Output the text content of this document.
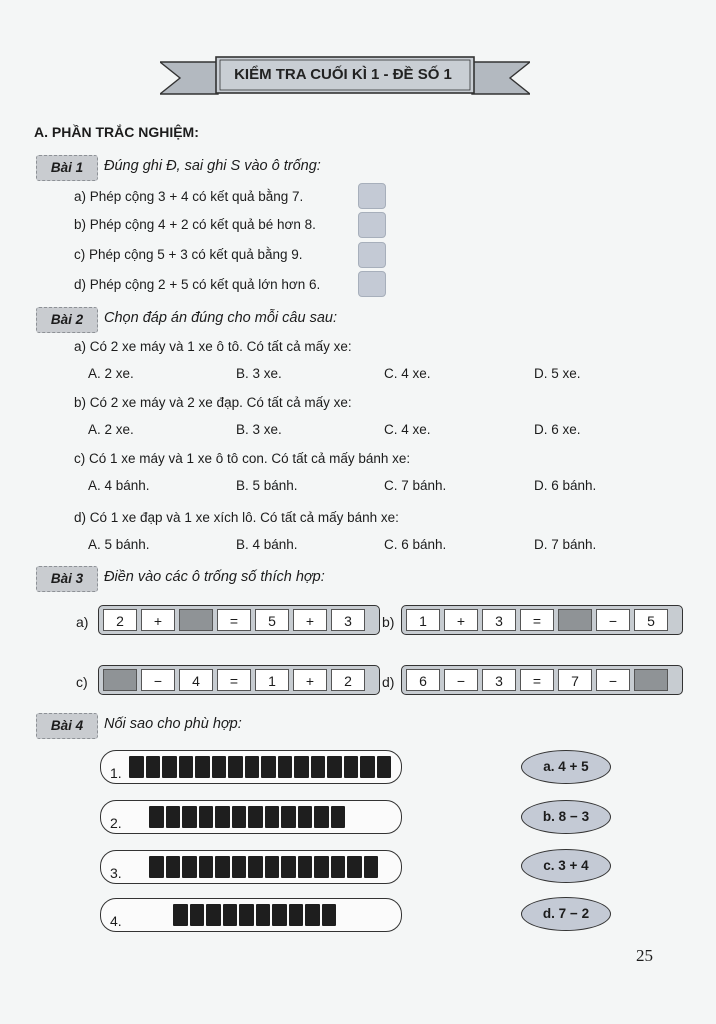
KIỂM TRA CUỐI KÌ 1 - ĐỀ SỐ 1
A. PHẦN TRẮC NGHIỆM:
Bài 1	Đúng ghi Đ, sai ghi S vào ô trống:
a) Phép cộng 3 + 4 có kết quả bằng 7.
b) Phép cộng 4 + 2 có kết quả bé hơn 8.
c) Phép cộng 5 + 3 có kết quả bằng 9.
d) Phép cộng 2 + 5 có kết quả lớn hơn 6.
Bài 2	Chọn đáp án đúng cho mỗi câu sau:
a) Có 2 xe máy và 1 xe ô tô. Có tất cả mấy xe:
A. 2 xe.	B. 3 xe.	C. 4 xe.	D. 5 xe.
b) Có 2 xe máy và 2 xe đạp. Có tất cả mấy xe:
A. 2 xe.	B. 3 xe.	C. 4 xe.	D. 6 xe.
c) Có 1 xe máy và 1 xe ô tô con. Có tất cả mấy bánh xe:
A. 4 bánh.	B. 5 bánh.	C. 7 bánh.	D. 6 bánh.
d) Có 1 xe đạp và 1 xe xích lô. Có tất cả mấy bánh xe:
A. 5 bánh.	B. 4 bánh.	C. 6 bánh.	D. 7 bánh.
Bài 3	Điền vào các ô trống số thích hợp:
a)	2	+	=	5	+	3	b)	1	+	3	=	−	5
c)	−	4	=	1	+	2	d)	6	−	3	=	7	−
Bài 4	Nối sao cho phù hợp:
1.
2.
3.
4.
a. 4 + 5
b. 8 − 3
c. 3 + 4
d. 7 − 2
25
